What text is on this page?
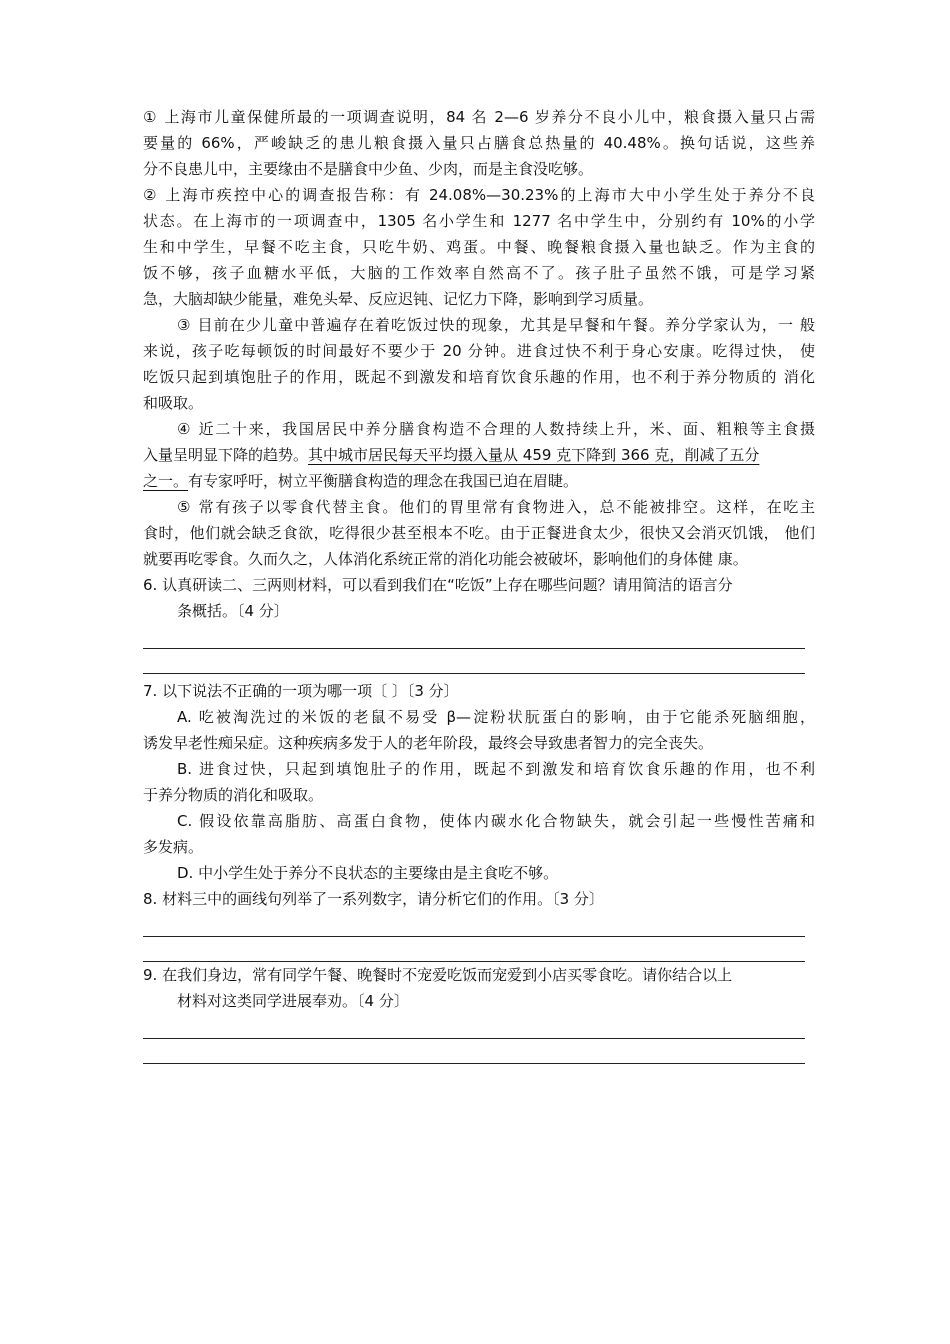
① 上海市儿童保健所最的一项调查说明，84 名 2—6 岁养分不良小儿中，粮食摄入量只占需
要量的 66%，严峻缺乏的患儿粮食摄入量只占膳食总热量的 40.48%。换句话说，这些养
分不良患儿中，主要缘由不是膳食中少鱼、少肉，而是主食没吃够。
② 上海市疾控中心的调查报告称：有 24.08%—30.23%的上海市大中小学生处于养分不良
状态。在上海市的一项调查中，1305 名小学生和 1277 名中学生中，分别约有 10%的小学
生和中学生，早餐不吃主食，只吃牛奶、鸡蛋。中餐、晚餐粮食摄入量也缺乏。作为主食的
饭不够，孩子血糖水平低，大脑的工作效率自然高不了。孩子肚子虽然不饿，可是学习紧
急，大脑却缺少能量，难免头晕、反应迟钝、记忆力下降，影响到学习质量。
③ 目前在少儿童中普遍存在着吃饭过快的现象，尤其是早餐和午餐。养分学家认为，一 般
来说，孩子吃每顿饭的时间最好不要少于 20 分钟。进食过快不利于身心安康。吃得过快， 使
吃饭只起到填饱肚子的作用，既起不到激发和培育饮食乐趣的作用，也不利于养分物质的 消化
和吸取。
④ 近二十来，我国居民中养分膳食构造不合理的人数持续上升，米、面、粗粮等主食摄
入量呈明显下降的趋势。其中城市居民每天平均摄入量从 459 克下降到 366 克，削减了五分
之一。有专家呼吁，树立平衡膳食构造的理念在我国已迫在眉睫。
⑤ 常有孩子以零食代替主食。他们的胃里常有食物进入，总不能被排空。这样，在吃主
食时，他们就会缺乏食欲，吃得很少甚至根本不吃。由于正餐进食太少，很快又会消灭饥饿， 他们
就要再吃零食。久而久之，人体消化系统正常的消化功能会被破坏，影响他们的身体健 康。
6. 认真研读二、三两则材料，可以看到我们在“吃饭”上存在哪些问题？请用简洁的语言分
条概括。〔4 分〕
7. 以下说法不正确的一项为哪一项〔 〕〔3 分〕
A. 吃被淘洗过的米饭的老鼠不易受 β—淀粉状朊蛋白的影响，由于它能杀死脑细胞，
诱发早老性痴呆症。这种疾病多发于人的老年阶段，最终会导致患者智力的完全丧失。
B. 进食过快，只起到填饱肚子的作用，既起不到激发和培育饮食乐趣的作用，也不利
于养分物质的消化和吸取。
C. 假设依靠高脂肪、高蛋白食物，使体内碳水化合物缺失，就会引起一些慢性苦痛和
多发病。
D. 中小学生处于养分不良状态的主要缘由是主食吃不够。
8. 材料三中的画线句列举了一系列数字，请分析它们的作用。〔3 分〕
9. 在我们身边，常有同学午餐、晚餐时不宠爱吃饭而宠爱到小店买零食吃。请你结合以上
材料对这类同学进展奉劝。〔4 分〕
